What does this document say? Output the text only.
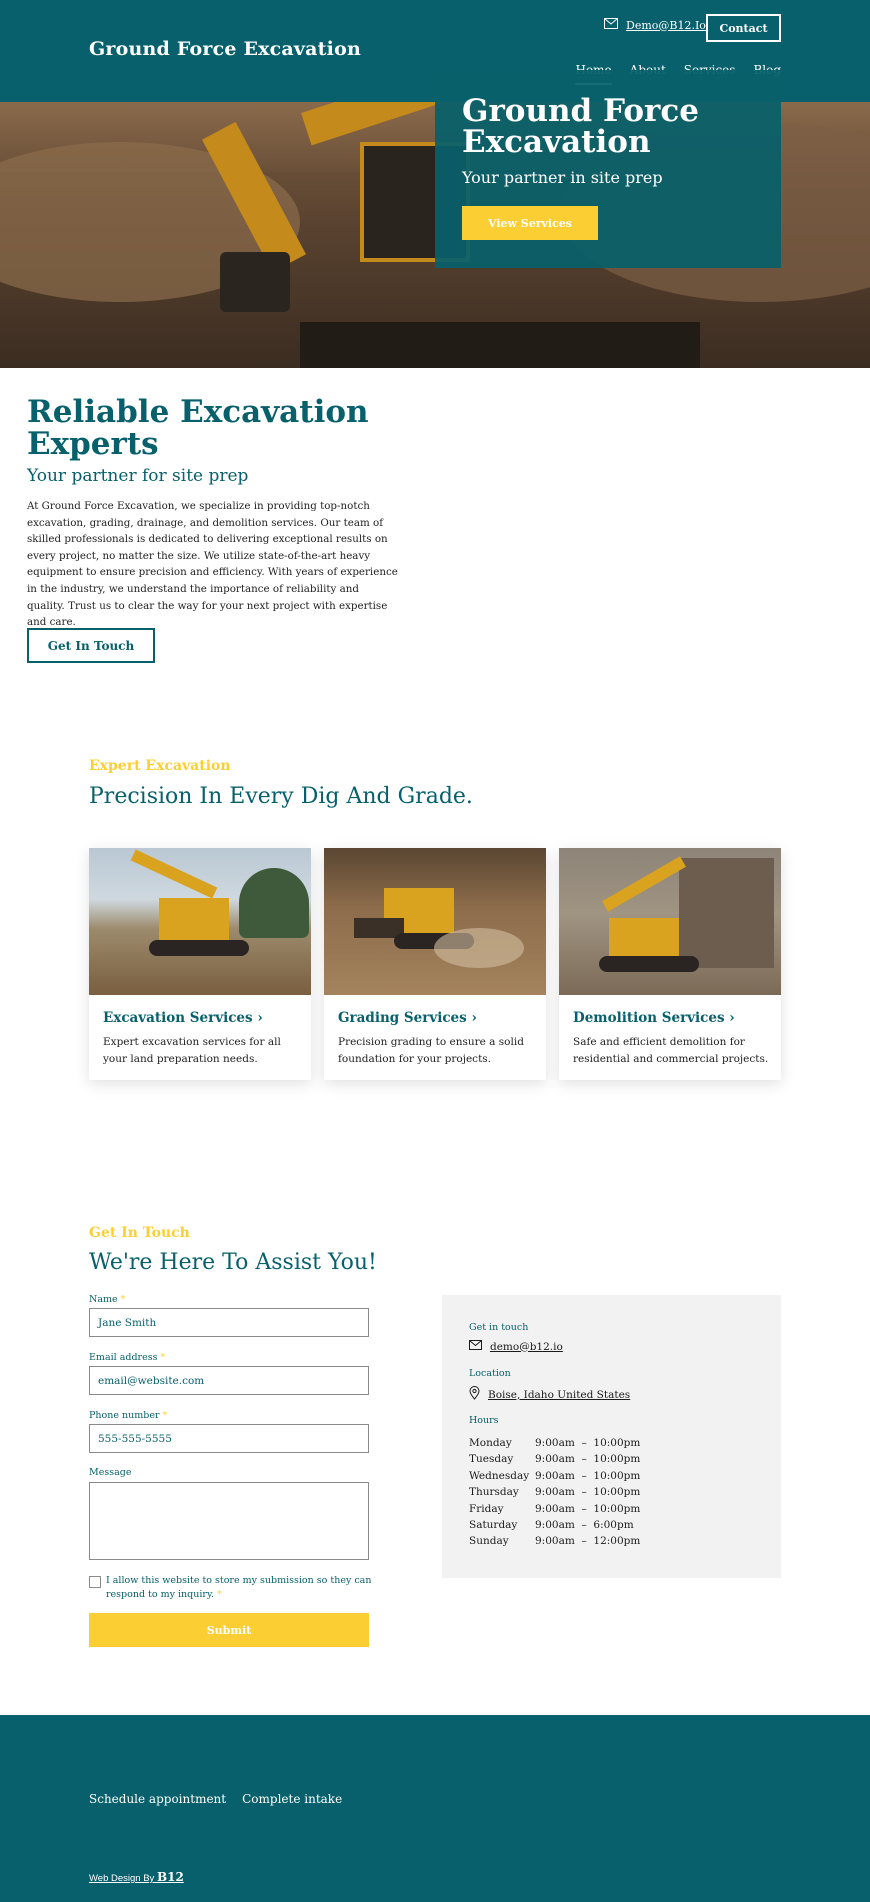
Ground Force Excavation
Demo@B12.Io	Contact
Ground Force Excavation
Your partner in site prep
View Services
Reliable Excavation Experts
Your partner for site prep
At Ground Force Excavation, we specialize in providing top-notch excavation, grading, drainage, and demolition services. Our team of skilled professionals is dedicated to delivering exceptional results on every project, no matter the size. We utilize state-of-the-art heavy equipment to ensure precision and efficiency. With years of experience in the industry, we understand the importance of reliability and quality. Trust us to clear the way for your next project with expertise and care.
Get In Touch
Expert Excavation
Precision In Every Dig And Grade.
Excavation Services ›
Expert excavation services for all your land preparation needs.
Grading Services ›
Precision grading to ensure a solid foundation for your projects.
Demolition Services ›
Safe and efficient demolition for residential and commercial projects.
Get In Touch
We're Here To Assist You!
Name *
Jane Smith
Email address *
email@website.com
Phone number *
555-555-5555
Message
I allow this website to store my submission so they can respond to my inquiry. *
Submit
Get in touch
demo@b12.io
Location
Boise, Idaho United States
Hours
Monday	9:00am  –  10:00pm
Tuesday	9:00am  –  10:00pm
Wednesday 9:00am  –  10:00pm
Thursday	9:00am  –  10:00pm
Friday	9:00am  –  10:00pm
Saturday	9:00am  –  6:00pm
Sunday	9:00am  –  12:00pm
Schedule appointment Complete intake
Web Design By B12
